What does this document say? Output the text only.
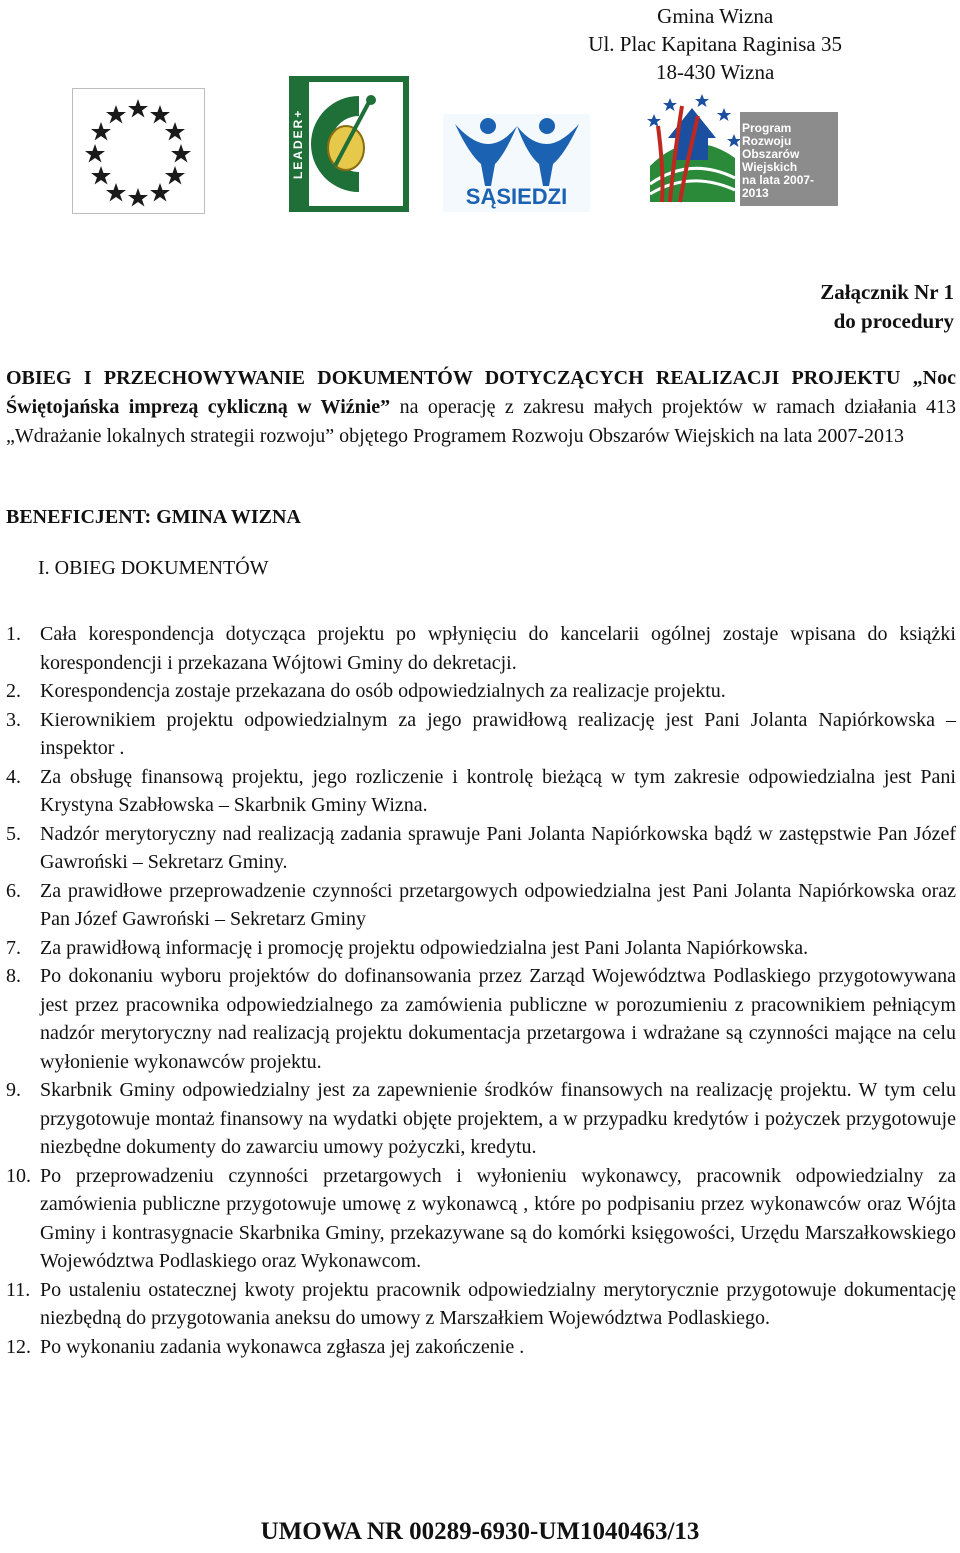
Gmina Wizna
Ul. Plac Kapitana Raginisa 35
18-430 Wizna
LEADER+
SĄSIEDZI
Program
Rozwoju
Obszarów
Wiejskich
na lata 2007-2013
Załącznik Nr 1
do procedury
OBIEG I PRZECHOWYWANIE DOKUMENTÓW DOTYCZĄCYCH REALIZACJI PROJEKTU „Noc Świętojańska imprezą cykliczną w Wiźnie” na operację z zakresu małych projektów w ramach działania 413 „Wdrażanie lokalnych strategii rozwoju” objętego Programem Rozwoju Obszarów Wiejskich na lata 2007-2013
BENEFICJENT: GMINA WIZNA
I. OBIEG DOKUMENTÓW
1. Cała korespondencja dotycząca projektu po wpłynięciu do kancelarii ogólnej zostaje wpisana do książki korespondencji i przekazana Wójtowi Gminy do dekretacji.
2. Korespondencja zostaje przekazana do osób odpowiedzialnych za realizacje projektu.
3. Kierownikiem projektu odpowiedzialnym za jego prawidłową realizację jest Pani Jolanta Napiórkowska – inspektor .
4. Za obsługę finansową projektu, jego rozliczenie i kontrolę bieżącą w tym zakresie odpowiedzialna jest Pani Krystyna Szabłowska – Skarbnik Gminy Wizna.
5. Nadzór merytoryczny nad realizacją zadania sprawuje Pani Jolanta Napiórkowska bądź w zastępstwie Pan Józef Gawroński – Sekretarz Gminy.
6. Za prawidłowe przeprowadzenie czynności przetargowych odpowiedzialna jest Pani Jolanta Napiórkowska oraz Pan Józef Gawroński – Sekretarz Gminy
7. Za prawidłową informację i promocję projektu odpowiedzialna jest Pani Jolanta Napiórkowska.
8. Po dokonaniu wyboru projektów do dofinansowania przez Zarząd Województwa Podlaskiego przygotowywana jest przez pracownika odpowiedzialnego za zamówienia publiczne w porozumieniu z pracownikiem pełniącym nadzór merytoryczny nad realizacją projektu dokumentacja przetargowa i wdrażane są czynności mające na celu wyłonienie wykonawców projektu.
9. Skarbnik Gminy odpowiedzialny jest za zapewnienie środków finansowych na realizację projektu. W tym celu przygotowuje montaż finansowy na wydatki objęte projektem, a w przypadku kredytów i pożyczek przygotowuje niezbędne dokumenty do zawarciu umowy pożyczki, kredytu.
10. Po przeprowadzeniu czynności przetargowych i wyłonieniu wykonawcy, pracownik odpowiedzialny za zamówienia publiczne przygotowuje umowę z wykonawcą , które po podpisaniu przez wykonawców oraz Wójta Gminy i kontrasygnacie Skarbnika Gminy, przekazywane są do komórki księgowości, Urzędu Marszałkowskiego Województwa Podlaskiego oraz Wykonawcom.
11. Po ustaleniu ostatecznej kwoty projektu pracownik odpowiedzialny merytorycznie przygotowuje dokumentację niezbędną do przygotowania aneksu do umowy z Marszałkiem Województwa Podlaskiego.
12. Po wykonaniu zadania wykonawca zgłasza jej zakończenie .
UMOWA NR 00289-6930-UM1040463/13
